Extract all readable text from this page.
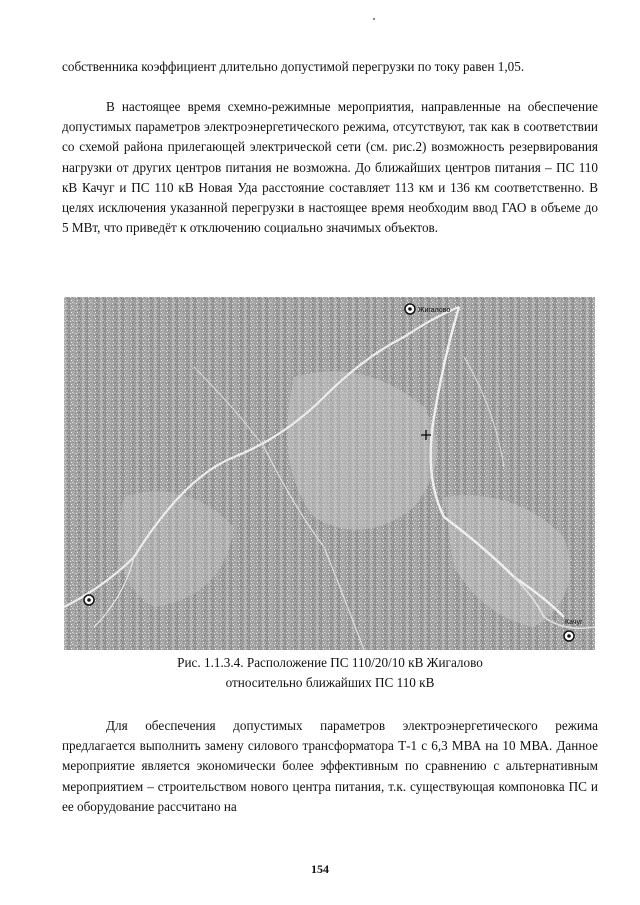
собственника коэффициент длительно допустимой перегрузки по току равен 1,05.

В настоящее время схемно-режимные мероприятия, направленные на обеспечение допустимых параметров электроэнергетического режима, отсутствуют, так как в соответствии со схемой района прилегающей электрической сети (см. рис.2) возможность резервирования нагрузки от других центров питания не возможна. До ближайших центров питания – ПС 110 кВ Качуг и ПС 110 кВ Новая Уда расстояние составляет 113 км и 136 км соответственно. В целях исключения указанной перегрузки в настоящее время необходим ввод ГАО в объеме до 5 МВт, что приведёт к отключению социально значимых объектов.

Жигалово
Качуг
Рис. 1.1.3.4. Расположение ПС 110/20/10 кВ Жигалово
относительно ближайших ПС 110 кВ

Для обеспечения допустимых параметров электроэнергетического режима предлагается выполнить замену силового трансформатора Т-1 с 6,3 МВА на 10 МВА. Данное мероприятие является экономически более эффективным по сравнению с альтернативным мероприятием – строительством нового центра питания, т.к. существующая компоновка ПС и ее оборудование рассчитано на

154
